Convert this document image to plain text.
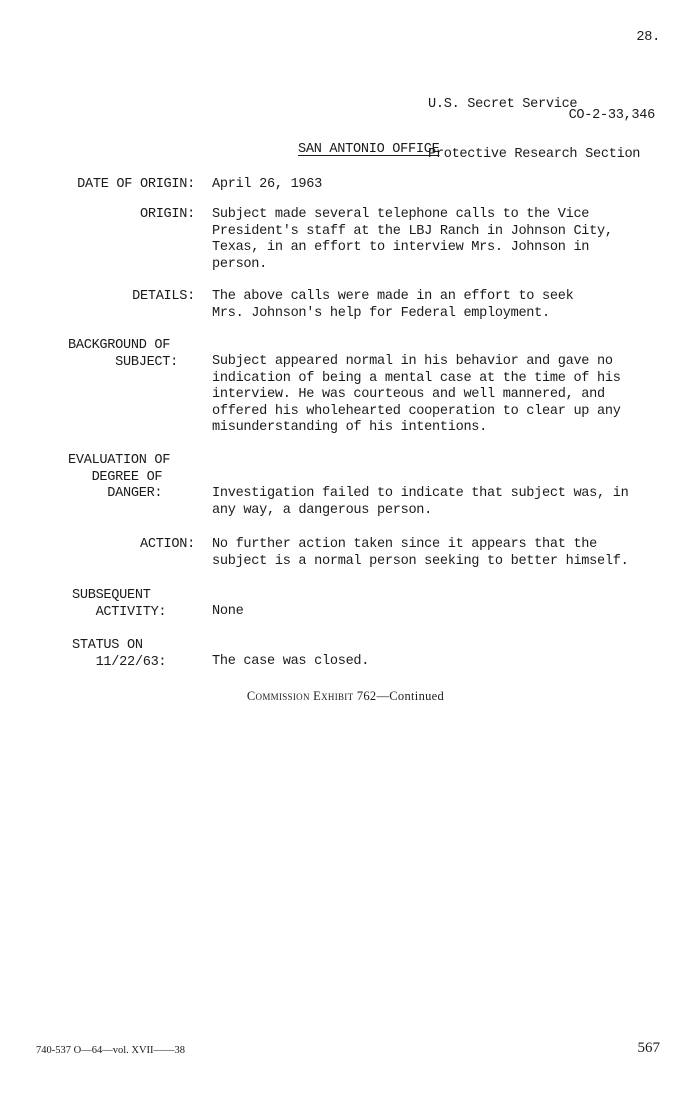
28.

U.S. Secret Service

Protective Research Section

CO-2-33,346
SAN ANTONIO OFFICE
DATE OF ORIGIN: April 26, 1963
ORIGIN: Subject made several telephone calls to the Vice
President's staff at the LBJ Ranch in Johnson City,
Texas, in an effort to interview Mrs. Johnson in
person.
DETAILS: The above calls were made in an effort to seek
Mrs. Johnson's help for Federal employment.
BACKGROUND OF
SUBJECT:	Subject appeared normal in his behavior and gave no
indication of being a mental case at the time of his
interview. He was courteous and well mannered, and
offered his wholehearted cooperation to clear up any
misunderstanding of his intentions.
EVALUATION OF
DEGREE OF
DANGER:	Investigation failed to indicate that subject was, in
any way, a dangerous person.
ACTION: No further action taken since it appears that the
subject is a normal person seeking to better himself.
SUBSEQUENT
ACTIVITY:	None
STATUS ON
11/22/63:	The case was closed.
Commission Exhibit 762—Continued
740-537 O—64—vol. XVII——38	567
